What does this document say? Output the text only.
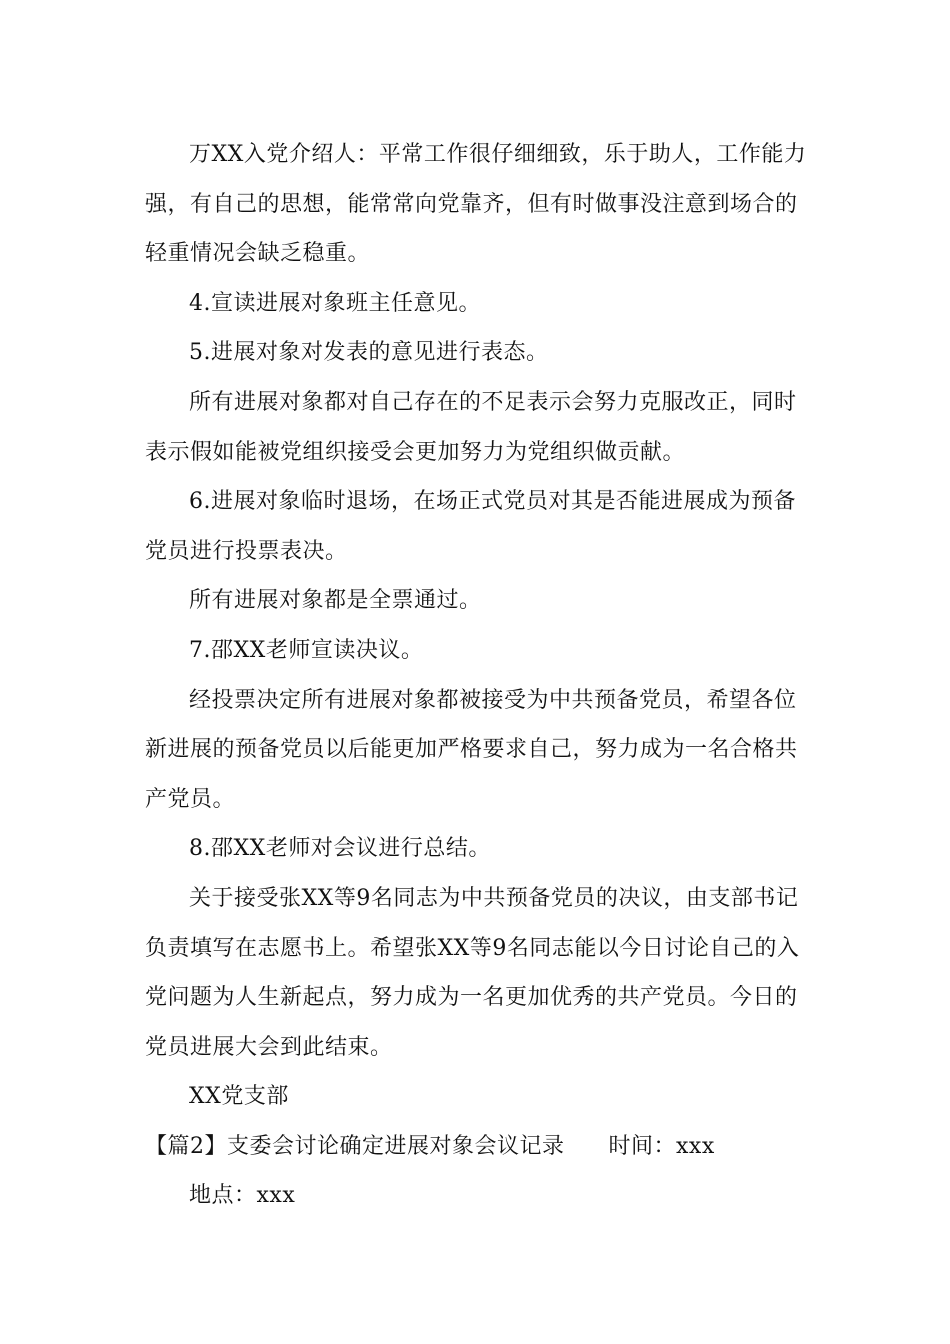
万XX入党介绍人：平常工作很仔细细致，乐于助人，工作能力强，有自己的思想，能常常向党靠齐，但有时做事没注意到场合的轻重情况会缺乏稳重。

4.宣读进展对象班主任意见。

5.进展对象对发表的意见进行表态。

所有进展对象都对自己存在的不足表示会努力克服改正，同时表示假如能被党组织接受会更加努力为党组织做贡献。

6.进展对象临时退场，在场正式党员对其是否能进展成为预备党员进行投票表决。

所有进展对象都是全票通过。

7.邵XX老师宣读决议。

经投票决定所有进展对象都被接受为中共预备党员，希望各位新进展的预备党员以后能更加严格要求自己，努力成为一名合格共产党员。

8.邵XX老师对会议进行总结。

关于接受张XX等9名同志为中共预备党员的决议，由支部书记负责填写在志愿书上。希望张XX等9名同志能以今日讨论自己的入党问题为人生新起点，努力成为一名更加优秀的共产党员。今日的党员进展大会到此结束。

XX党支部

【篇2】支委会讨论确定进展对象会议记录 时间：xxx

地点：xxx
